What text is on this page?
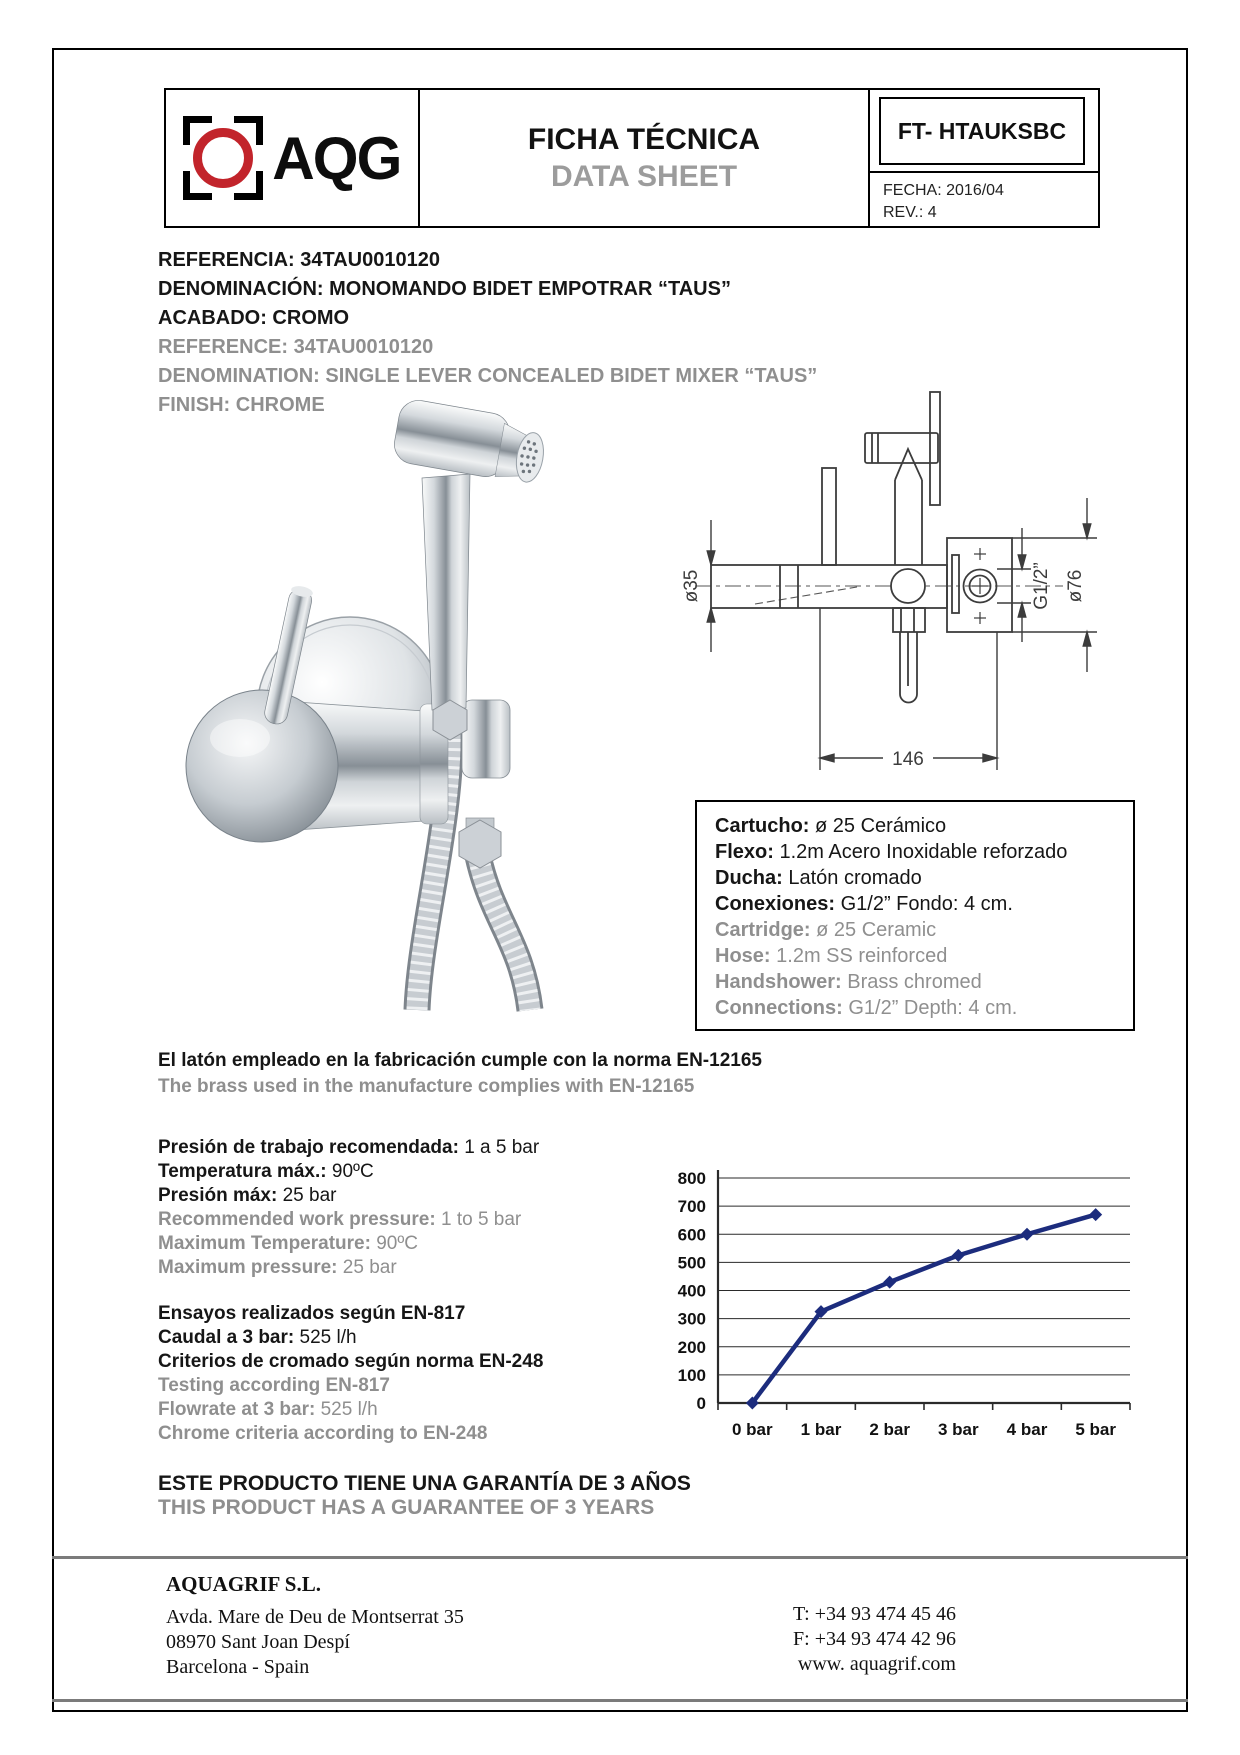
AQG	FICHA TÉCNICA
DATA SHEET
FT- HTAUKSBC
FECHA: 2016/04
REV.: 4
REFERENCIA: 34TAU0010120
DENOMINACIÓN: MONOMANDO BIDET EMPOTRAR “TAUS”
ACABADO: CROMO
REFERENCE: 34TAU0010120
DENOMINATION: SINGLE LEVER CONCEALED BIDET MIXER “TAUS”
FINISH: CHROME
ø35	G1/2” ø76
146
Cartucho: ø 25 Cerámico
Flexo: 1.2m Acero Inoxidable reforzado
Ducha: Latón cromado
Conexiones: G1/2” Fondo: 4 cm.
Cartridge: ø 25 Ceramic
Hose: 1.2m SS reinforced
Handshower: Brass chromed
Connections: G1/2” Depth: 4 cm.
El latón empleado en la fabricación cumple con la norma EN-12165
The brass used in the manufacture complies with EN-12165
Presión de trabajo recomendada: 1 a 5 bar
Temperatura máx.: 90ºC
Presión máx: 25 bar
Recommended work pressure: 1 to 5 bar
Maximum Temperature: 90ºC
Maximum pressure: 25 bar
Ensayos realizados según EN-817
Caudal a 3 bar: 525 l/h
Criterios de cromado según norma EN-248
Testing according EN-817
Flowrate at 3 bar: 525 l/h
Chrome criteria according to EN-248
0
100
200
300
400
500
600
700
800
0 bar 1 bar 2 bar 3 bar 4 bar 5 bar
ESTE PRODUCTO TIENE UNA GARANTÍA DE 3 AÑOS
THIS PRODUCT HAS A GUARANTEE OF 3 YEARS
AQUAGRIF S.L.
Avda. Mare de Deu de Montserrat 35
08970 Sant Joan Despí
Barcelona - Spain
T: +34 93 474 45 46
F: +34 93 474 42 96
www. aquagrif.com
